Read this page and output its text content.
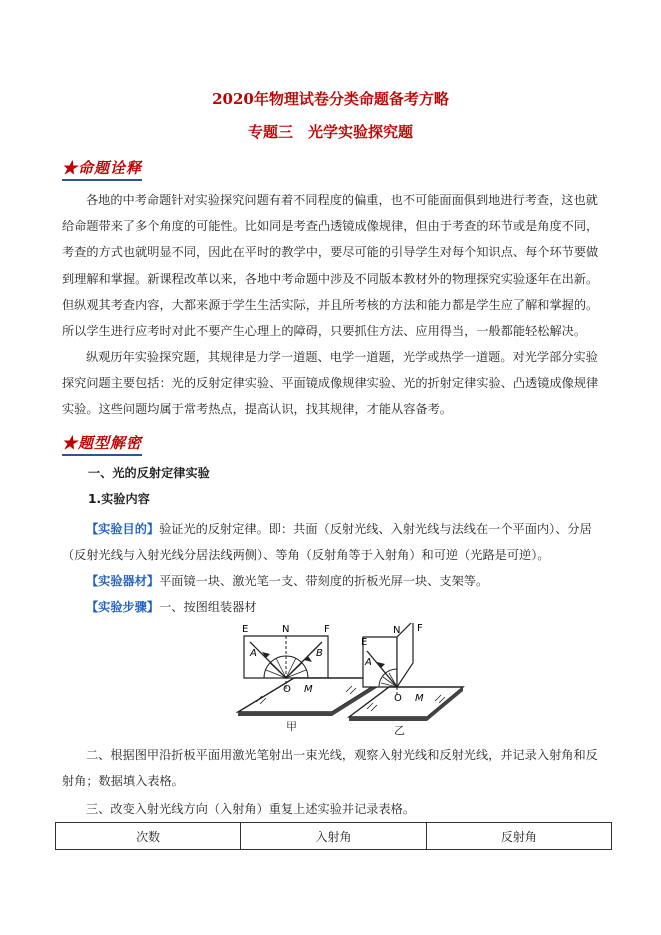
2020年物理试卷分类命题备考方略
专题三　光学实验探究题
★命题诠释

各地的中考命题针对实验探究问题有着不同程度的偏重，也不可能面面俱到地进行考查，这也就给命题带来了多个角度的可能性。比如同是考查凸透镜成像规律，但由于考查的环节或是角度不同，考查的方式也就明显不同，因此在平时的教学中，要尽可能的引导学生对每个知识点、每个环节要做到理解和掌握。新课程改革以来，各地中考命题中涉及不同版本教材外的物理探究实验逐年在出新。但纵观其考查内容，大都来源于学生生活实际，并且所考核的方法和能力都是学生应了解和掌握的。所以学生进行应考时对此不要产生心理上的障碍，只要抓住方法、应用得当，一般都能轻松解决。

纵观历年实验探究题，其规律是力学一道题、电学一道题，光学或热学一道题。对光学部分实验探究问题主要包括：光的反射定律实验、平面镜成像规律实验、光的折射定律实验、凸透镜成像规律实验。这些问题均属于常考热点，提高认识，找其规律，才能从容备考。

★题型解密
一、光的反射定律实验
1.实验内容

【实验目的】验证光的反射定律。即：共面（反射光线、入射光线与法线在一个平面内）、分居（反射光线与入射光线分居法线两侧）、等角（反射角等于入射角）和可逆（光路是可逆）。

【实验器材】平面镜一块、激光笔一支、带刻度的折板光屏一块、支架等。

【实验步骤】一、按图组装器材

E	N	F
A	B
O M
E
N F
A
O M
甲	乙

二、根据图甲沿折板平面用激光笔射出一束光线，观察入射光线和反射光线，并记录入射角和反射角；数据填入表格。

三、改变入射光线方向（入射角）重复上述实验并记录表格。

次数	入射角	反射角
